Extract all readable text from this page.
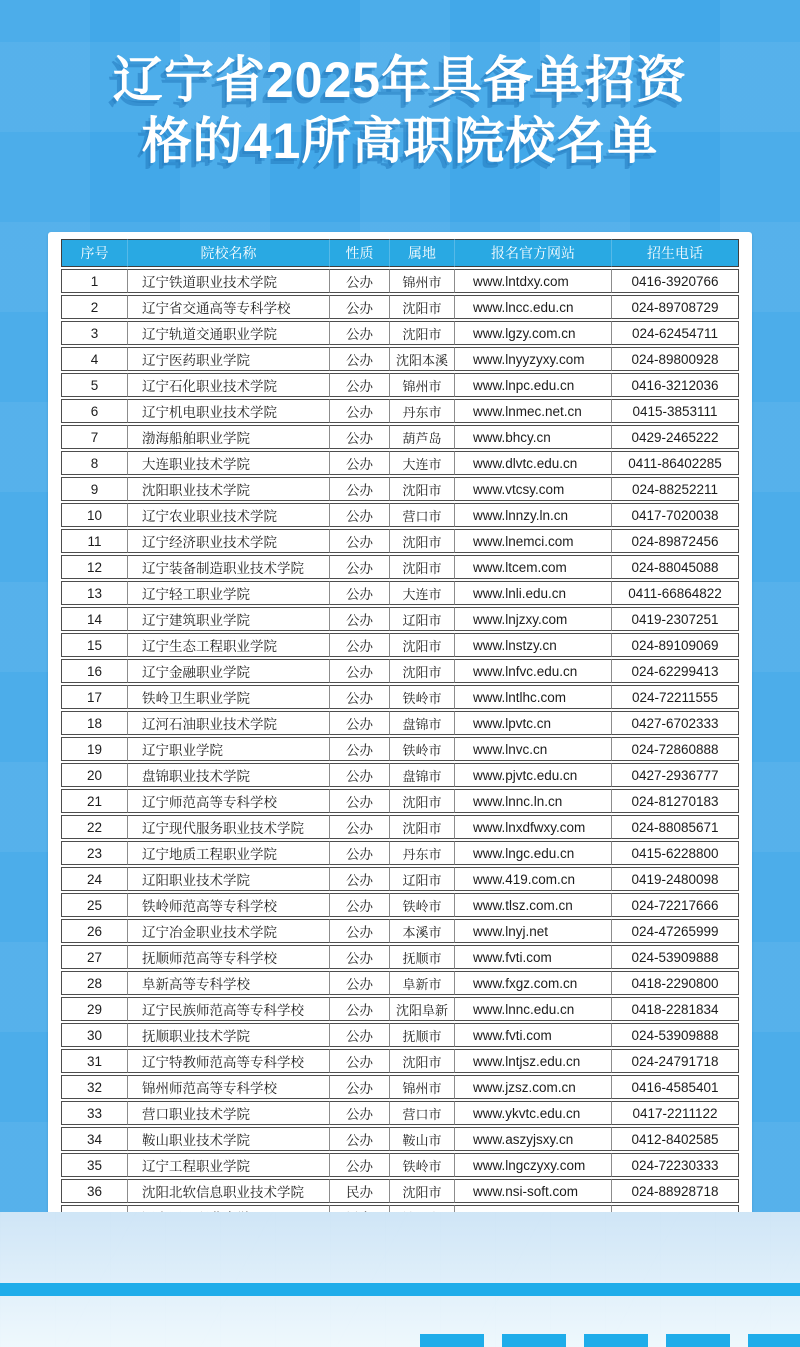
辽宁省2025年具备单招资
格的41所高职院校名单
序号	院校名称	性质	属地	报名官方网站	招生电话
1	辽宁铁道职业技术学院	公办	锦州市	www.lntdxy.com	0416-3920766
2	辽宁省交通高等专科学校	公办	沈阳市	www.lncc.edu.cn	024-89708729
3	辽宁轨道交通职业学院	公办	沈阳市	www.lgzy.com.cn	024-62454711
4	辽宁医药职业学院	公办	沈阳本溪	www.lnyyzyxy.com	024-89800928
5	辽宁石化职业技术学院	公办	锦州市	www.lnpc.edu.cn	0416-3212036
6	辽宁机电职业技术学院	公办	丹东市	www.lnmec.net.cn	0415-3853111
7	渤海船舶职业学院	公办	葫芦岛	www.bhcy.cn	0429-2465222
8	大连职业技术学院	公办	大连市	www.dlvtc.edu.cn	0411-86402285
9	沈阳职业技术学院	公办	沈阳市	www.vtcsy.com	024-88252211
10	辽宁农业职业技术学院	公办	营口市	www.lnnzy.ln.cn	0417-7020038
11	辽宁经济职业技术学院	公办	沈阳市	www.lnemci.com	024-89872456
12	辽宁装备制造职业技术学院	公办	沈阳市	www.ltcem.com	024-88045088
13	辽宁轻工职业学院	公办	大连市	www.lnli.edu.cn	0411-66864822
14	辽宁建筑职业学院	公办	辽阳市	www.lnjzxy.com	0419-2307251
15	辽宁生态工程职业学院	公办	沈阳市	www.lnstzy.cn	024-89109069
16	辽宁金融职业学院	公办	沈阳市	www.lnfvc.edu.cn	024-62299413
17	铁岭卫生职业学院	公办	铁岭市	www.lntlhc.com	024-72211555
18	辽河石油职业技术学院	公办	盘锦市	www.lpvtc.cn	0427-6702333
19	辽宁职业学院	公办	铁岭市	www.lnvc.cn	024-72860888
20	盘锦职业技术学院	公办	盘锦市	www.pjvtc.edu.cn	0427-2936777
21	辽宁师范高等专科学校	公办	沈阳市	www.lnnc.ln.cn	024-81270183
22	辽宁现代服务职业技术学院	公办	沈阳市	www.lnxdfwxy.com	024-88085671
23	辽宁地质工程职业学院	公办	丹东市	www.lngc.edu.cn	0415-6228800
24	辽阳职业技术学院	公办	辽阳市	www.419.com.cn	0419-2480098
25	铁岭师范高等专科学校	公办	铁岭市	www.tlsz.com.cn	024-72217666
26	辽宁冶金职业技术学院	公办	本溪市	www.lnyj.net	024-47265999
27	抚顺师范高等专科学校	公办	抚顺市	www.fvti.com	024-53909888
28	阜新高等专科学校	公办	阜新市	www.fxgz.com.cn	0418-2290800
29	辽宁民族师范高等专科学校	公办	沈阳阜新	www.lnnc.edu.cn	0418-2281834
30	抚顺职业技术学院	公办	抚顺市	www.fvti.com	024-53909888
31	辽宁特教师范高等专科学校	公办	沈阳市	www.lntjsz.edu.cn	024-24791718
32	锦州师范高等专科学校	公办	锦州市	www.jzsz.com.cn	0416-4585401
33	营口职业技术学院	公办	营口市	www.ykvtc.edu.cn	0417-2211122
34	鞍山职业技术学院	公办	鞍山市	www.aszyjsxy.cn	0412-8402585
35	辽宁工程职业学院	公办	铁岭市	www.lngczyxy.com	024-72230333
36	沈阳北软信息职业技术学院	民办	沈阳市	www.nsi-soft.com	024-88928718
